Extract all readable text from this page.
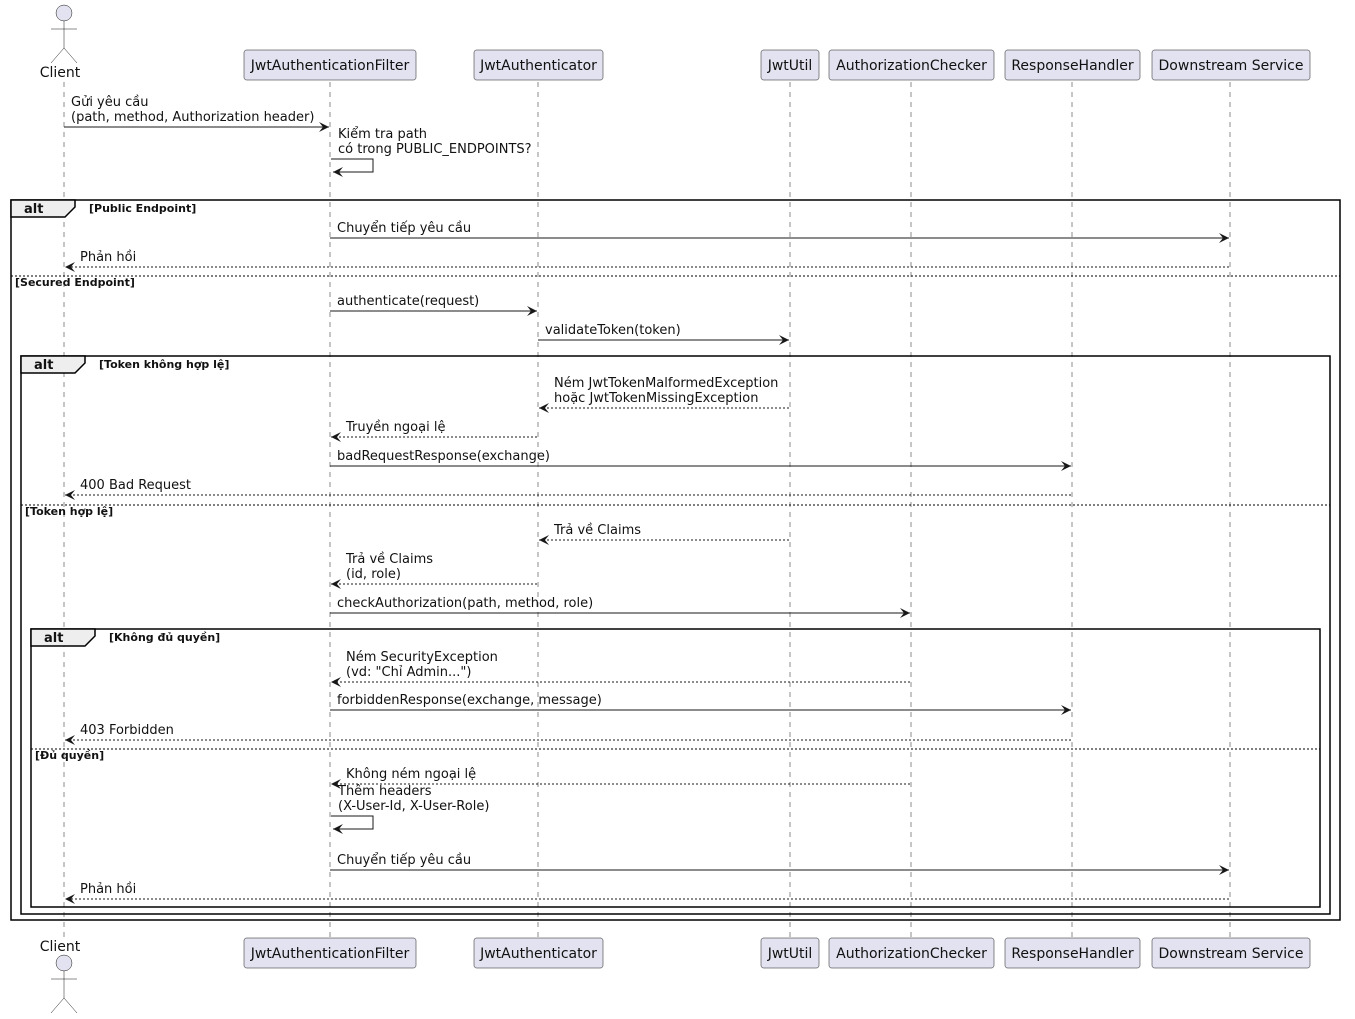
alt	[Public Endpoint]
[Secured Endpoint]
alt	[Token không hợp lệ]
[Token hợp lệ]
alt	[Không đủ quyền]
[Đủ quyền]
Gửi yêu cầu
(path, method, Authorization header)
Kiểm tra path
có trong PUBLIC_ENDPOINTS?
Chuyển tiếp yêu cầu
Phản hồi
authenticate(request)
validateToken(token)
Ném JwtTokenMalformedException
hoặc JwtTokenMissingException
Truyền ngoại lệ
badRequestResponse(exchange)
400 Bad Request
Trả về Claims
Trả về Claims
(id, role)
checkAuthorization(path, method, role)
Ném SecurityException
(vd: "Chỉ Admin...")
forbiddenResponse(exchange, message)
403 Forbidden
Không ném ngoại lệ
Thêm headers
(X-User-Id, X-User-Role)
Chuyển tiếp yêu cầu
Phản hồi
Client
Client
JwtAuthenticationFilter
JwtAuthenticationFilter
JwtAuthenticator
JwtAuthenticator
JwtUtil
JwtUtil
AuthorizationChecker
AuthorizationChecker
ResponseHandler
ResponseHandler
Downstream Service
Downstream Service
